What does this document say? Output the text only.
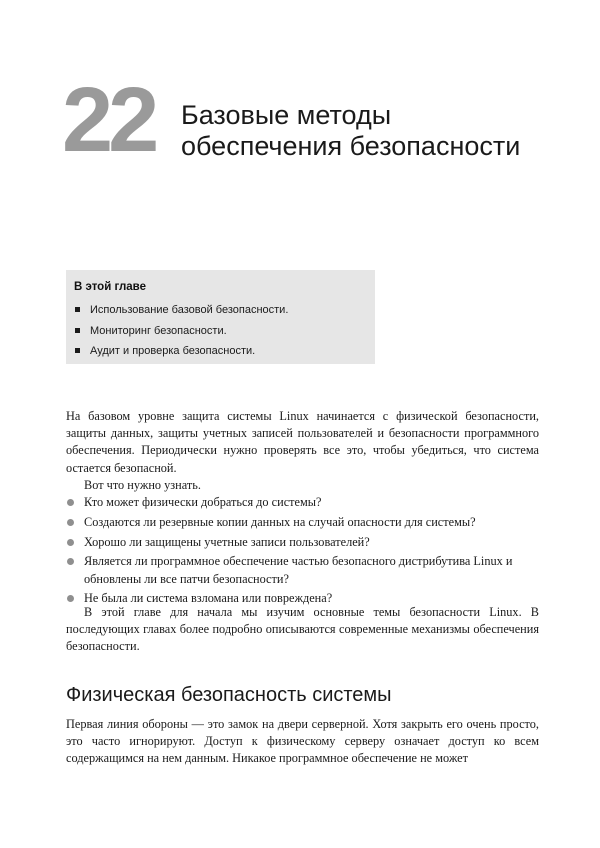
22 Базовые методы
обеспечения безопасности
В этой главе
Использование базовой безопасности.
Мониторинг безопасности.
Аудит и проверка безопасности.

На базовом уровне защита системы Linux начинается с физической безопасности, защиты данных, защиты учетных записей пользователей и безопасности программного обеспечения. Периодически нужно проверять все это, чтобы убедиться, что система остается безопасной.

Вот что нужно узнать.

Кто может физически добраться до системы?
Создаются ли резервные копии данных на случай опасности для системы?
Хорошо ли защищены учетные записи пользователей?
Является ли программное обеспечение частью безопасного дистрибутива Linux и обновлены ли все патчи безопасности?
Не была ли система взломана или повреждена?

В этой главе для начала мы изучим основные темы безопасности Linux. В последующих главах более подробно описываются современные механизмы обеспечения безопасности.

Физическая безопасность системы

Первая линия обороны — это замок на двери серверной. Хотя закрыть его очень просто, это часто игнорируют. Доступ к физическому серверу означает доступ ко всем содержащимся на нем данным. Никакое программное обеспечение не может
